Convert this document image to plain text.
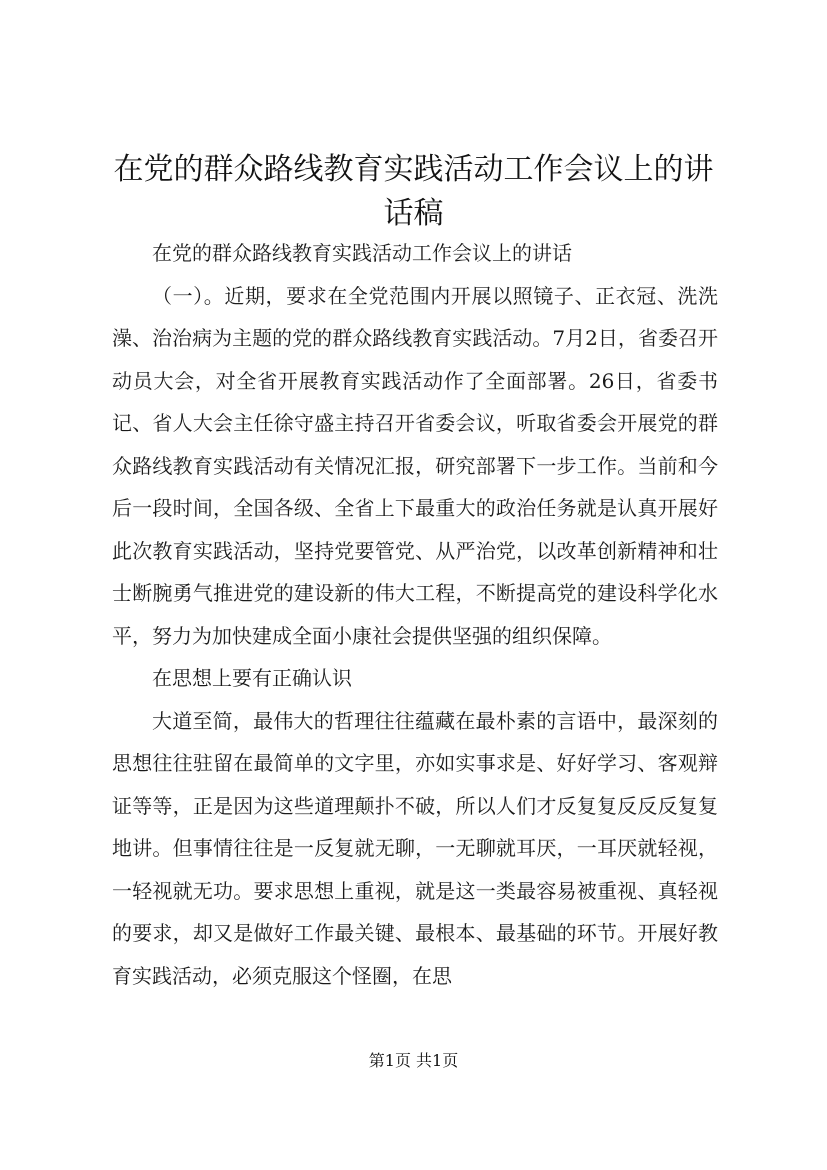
在党的群众路线教育实践活动工作会议上的讲话稿

在党的群众路线教育实践活动工作会议上的讲话

（一）。近期，要求在全党范围内开展以照镜子、正衣冠、洗洗澡、治治病为主题的党的群众路线教育实践活动。7月2日，省委召开动员大会，对全省开展教育实践活动作了全面部署。26日，省委书记、省人大会主任徐守盛主持召开省委会议，听取省委会开展党的群众路线教育实践活动有关情况汇报，研究部署下一步工作。当前和今后一段时间，全国各级、全省上下最重大的政治任务就是认真开展好此次教育实践活动，坚持党要管党、从严治党，以改革创新精神和壮士断腕勇气推进党的建设新的伟大工程，不断提高党的建设科学化水平，努力为加快建成全面小康社会提供坚强的组织保障。

在思想上要有正确认识

大道至简，最伟大的哲理往往蕴藏在最朴素的言语中，最深刻的思想往往驻留在最简单的文字里，亦如实事求是、好好学习、客观辩证等等，正是因为这些道理颠扑不破，所以人们才反复复反反反复复地讲。但事情往往是一反复就无聊，一无聊就耳厌，一耳厌就轻视，一轻视就无功。要求思想上重视，就是这一类最容易被重视、真轻视的要求，却又是做好工作最关键、最根本、最基础的环节。开展好教育实践活动，必须克服这个怪圈，在思

第1页 共1页
